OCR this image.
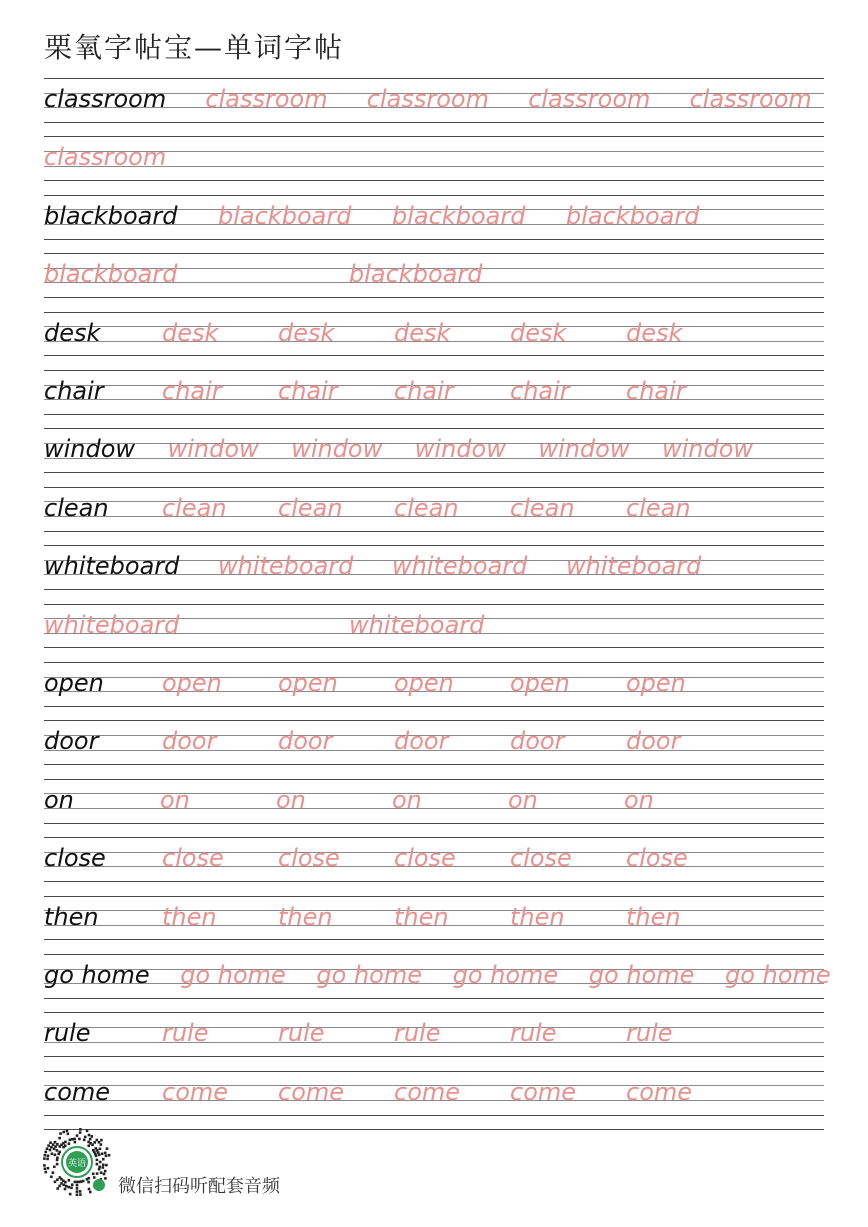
栗氧字帖宝—单词字帖
classroom classroom classroom classroom classroom
classroom
blackboard blackboard blackboard blackboard
blackboard	blackboard
desk	desk desk desk desk desk
chair chair chair chair chair chair
window window window window window window
clean clean clean clean clean clean
whiteboard whiteboard whiteboard whiteboard
whiteboard	whiteboard
open open open open open open
door	door	door	door	door	door
on	on	on	on	on	on
close close close close close close
then	then	then	then	then	then
go home go home go home go home go home go home
rule	rule	rule	rule	rule	rule
come come come come come come
英语
微信扫码听配套音频
